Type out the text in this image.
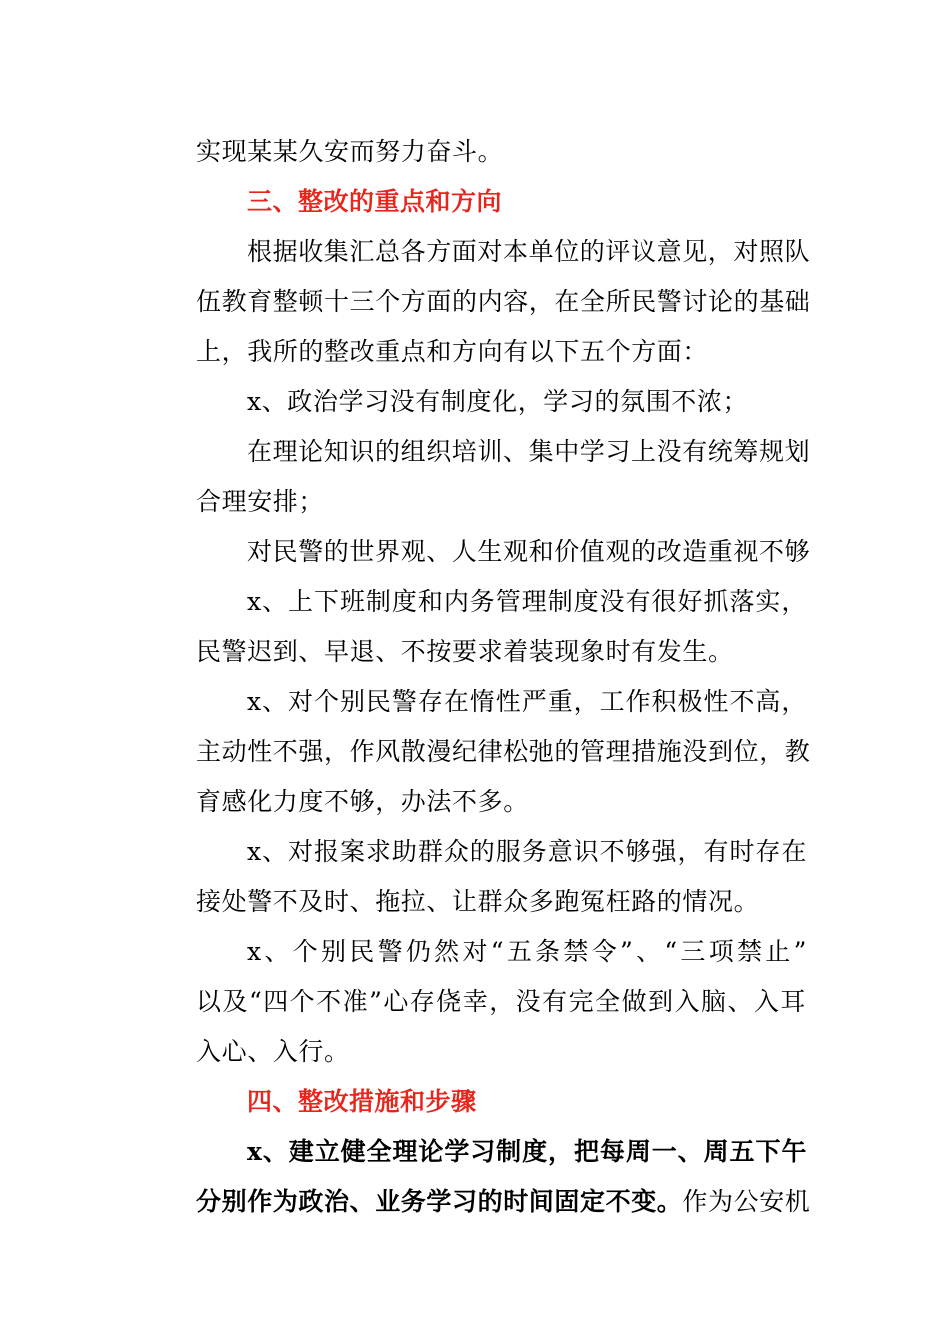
实现某某久安而努力奋斗。
三、整改的重点和方向
根据收集汇总各方面对本单位的评议意见，对照队
伍教育整顿十三个方面的内容，在全所民警讨论的基础
上，我所的整改重点和方向有以下五个方面：
x、政治学习没有制度化，学习的氛围不浓；
在理论知识的组织培训、集中学习上没有统筹规划
合理安排；
对民警的世界观、人生观和价值观的改造重视不够
x、上下班制度和内务管理制度没有很好抓落实，
民警迟到、早退、不按要求着装现象时有发生。
x、对个别民警存在惰性严重，工作积极性不高，
主动性不强，作风散漫纪律松弛的管理措施没到位，教
育感化力度不够，办法不多。
x、对报案求助群众的服务意识不够强，有时存在
接处警不及时、拖拉、让群众多跑冤枉路的情况。
x、个别民警仍然对“五条禁令”、“三项禁止”
以及“四个不准”心存侥幸，没有完全做到入脑、入耳
入心、入行。
四、整改措施和步骤
x、建立健全理论学习制度，把每周一、周五下午
分别作为政治、业务学习的时间固定不变。作为公安机
